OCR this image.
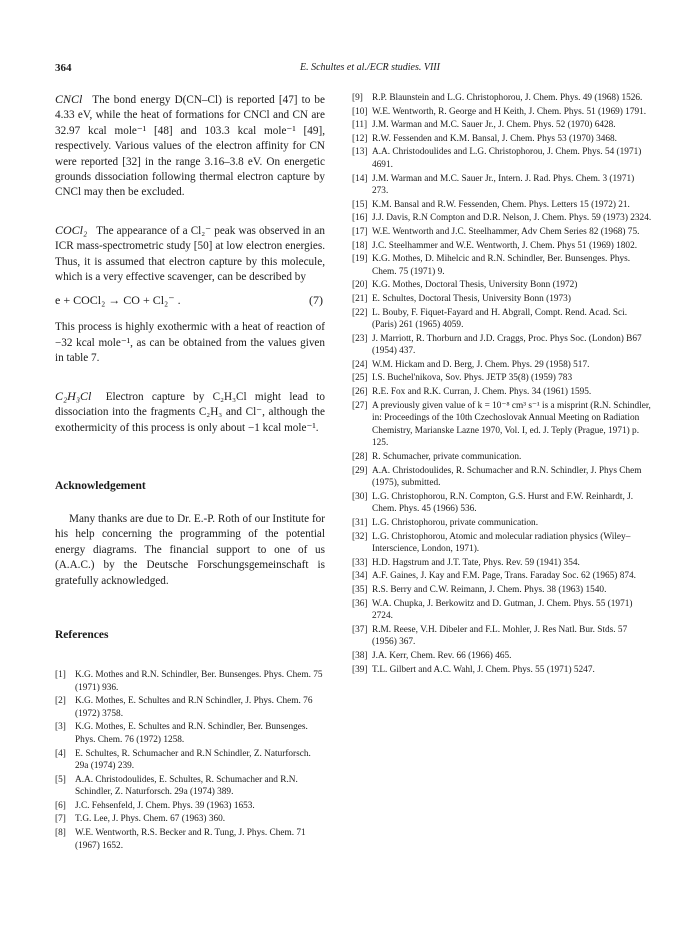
364	E. Schultes et al./ECR studies. VIII

CNCl The bond energy D(CN–Cl) is reported [47] to be 4.33 eV, while the heat of formations for CNCl and CN are 32.97 kcal mole⁻¹ [48] and 103.3 kcal mole⁻¹ [49], respectively. Various values of the electron affinity for CN were reported [32] in the range 3.16–3.8 eV. On energetic grounds dissociation following thermal electron capture by CNCl may then be excluded.

COCl₂ The appearance of a Cl₂⁻ peak was observed in an ICR mass-spectrometric study [50] at low electron energies. Thus, it is assumed that electron capture by this molecule, which is a very effective scavenger, can be described by

e + COCl₂ → CO + Cl₂⁻ .	(7)

This process is highly exothermic with a heat of reaction of −32 kcal mole⁻¹, as can be obtained from the values given in table 7.

C₂H₃Cl Electron capture by C₂H₃Cl might lead to dissociation into the fragments C₂H₃ and Cl⁻, although the exothermicity of this process is only about −1 kcal mole⁻¹.

Acknowledgement

Many thanks are due to Dr. E.-P. Roth of our Institute for his help concerning the programming of the potential energy diagrams. The financial support to one of us (A.A.C.) by the Deutsche Forschungsgemeinschaft is gratefully acknowledged.

References
[1] K.G. Mothes and R.N. Schindler, Ber. Bunsenges. Phys. Chem. 75 (1971) 936.
[2] K.G. Mothes, E. Schultes and R.N Schindler, J. Phys. Chem. 76 (1972) 3758.
[3] K.G. Mothes, E. Schultes and R.N. Schindler, Ber. Bunsenges. Phys. Chem. 76 (1972) 1258.
[4] E. Schultes, R. Schumacher and R.N Schindler, Z. Naturforsch. 29a (1974) 239.
[5] A.A. Christodoulides, E. Schultes, R. Schumacher and R.N. Schindler, Z. Naturforsch. 29a (1974) 389.
[6] J.C. Fehsenfeld, J. Chem. Phys. 39 (1963) 1653.
[7] T.G. Lee, J. Phys. Chem. 67 (1963) 360.
[8] W.E. Wentworth, R.S. Becker and R. Tung, J. Phys. Chem. 71 (1967) 1652.
[9] R.P. Blaunstein and L.G. Christophorou, J. Chem. Phys. 49 (1968) 1526.
[10] W.E. Wentworth, R. George and H Keith, J. Chem. Phys. 51 (1969) 1791.
[11] J.M. Warman and M.C. Sauer Jr., J. Chem. Phys. 52 (1970) 6428.
[12] R.W. Fessenden and K.M. Bansal, J. Chem. Phys 53 (1970) 3468.
[13] A.A. Christodoulides and L.G. Christophorou, J. Chem. Phys. 54 (1971) 4691.
[14] J.M. Warman and M.C. Sauer Jr., Intern. J. Rad. Phys. Chem. 3 (1971) 273.
[15] K.M. Bansal and R.W. Fessenden, Chem. Phys. Letters 15 (1972) 21.
[16] J.J. Davis, R.N Compton and D.R. Nelson, J. Chem. Phys. 59 (1973) 2324.
[17] W.E. Wentworth and J.C. Steelhammer, Adv Chem Series 82 (1968) 75.
[18] J.C. Steelhammer and W.E. Wentworth, J. Chem. Phys 51 (1969) 1802.
[19] K.G. Mothes, D. Mihelcic and R.N. Schindler, Ber. Bunsenges. Phys. Chem. 75 (1971) 9.
[20] K.G. Mothes, Doctoral Thesis, University Bonn (1972)
[21] E. Schultes, Doctoral Thesis, University Bonn (1973)
[22] L. Bouby, F. Fiquet-Fayard and H. Abgrall, Compt. Rend. Acad. Sci. (Paris) 261 (1965) 4059.
[23] J. Marriott, R. Thorburn and J.D. Craggs, Proc. Phys Soc. (London) B67 (1954) 437.
[24] W.M. Hickam and D. Berg, J. Chem. Phys. 29 (1958) 517.
[25] I.S. Buchel'nikova, Sov. Phys. JETP 35(8) (1959) 783
[26] R.E. Fox and R.K. Curran, J. Chem. Phys. 34 (1961) 1595.
[27] A previously given value of k = 10⁻⁸ cm³ s⁻¹ is a misprint (R.N. Schindler, in: Proceedings of the 10th Czechoslovak Annual Meeting on Radiation Chemistry, Marianske Lazne 1970, Vol. I, ed. J. Teply (Prague, 1971) p. 125.
[28] R. Schumacher, private communication.
[29] A.A. Christodoulides, R. Schumacher and R.N. Schindler, J. Phys Chem (1975), submitted.
[30] L.G. Christophorou, R.N. Compton, G.S. Hurst and F.W. Reinhardt, J. Chem. Phys. 45 (1966) 536.
[31] L.G. Christophorou, private communication.
[32] L.G. Christophorou, Atomic and molecular radiation physics (Wiley–Interscience, London, 1971).
[33] H.D. Hagstrum and J.T. Tate, Phys. Rev. 59 (1941) 354.
[34] A.F. Gaines, J. Kay and F.M. Page, Trans. Faraday Soc. 62 (1965) 874.
[35] R.S. Berry and C.W. Reimann, J. Chem. Phys. 38 (1963) 1540.
[36] W.A. Chupka, J. Berkowitz and D. Gutman, J. Chem. Phys. 55 (1971) 2724.
[37] R.M. Reese, V.H. Dibeler and F.L. Mohler, J. Res Natl. Bur. Stds. 57 (1956) 367.
[38] J.A. Kerr, Chem. Rev. 66 (1966) 465.
[39] T.L. Gilbert and A.C. Wahl, J. Chem. Phys. 55 (1971) 5247.
